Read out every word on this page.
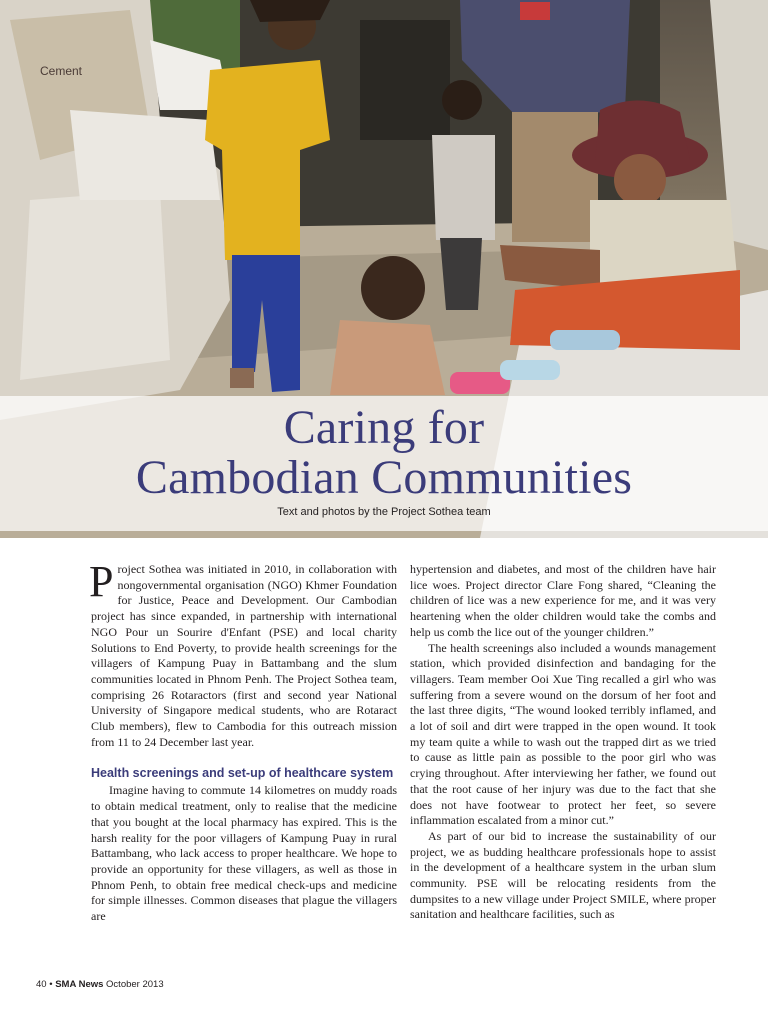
Cement
Caring for
Cambodian Communities
Text and photos by the Project Sothea team

Project Sothea was initiated in 2010, in collaboration with nongovernmental organisation (NGO) Khmer Foundation for Justice, Peace and Development. Our Cambodian project has since expanded, in partnership with international NGO Pour un Sourire d'Enfant (PSE) and local charity Solutions to End Poverty, to provide health screenings for the villagers of Kampung Puay in Battambang and the slum communities located in Phnom Penh. The Project Sothea team, comprising 26 Rotaractors (first and second year National University of Singapore medical students, who are Rotaract Club members), flew to Cambodia for this outreach mission from 11 to 24 December last year.

Health screenings and set-up of healthcare system

Imagine having to commute 14 kilometres on muddy roads to obtain medical treatment, only to realise that the medicine that you bought at the local pharmacy has expired. This is the harsh reality for the poor villagers of Kampung Puay in rural Battambang, who lack access to proper healthcare. We hope to provide an opportunity for these villagers, as well as those in Phnom Penh, to obtain free medical check-ups and medicine for simple illnesses. Common diseases that plague the villagers are

hypertension and diabetes, and most of the children have hair lice woes. Project director Clare Fong shared, “Cleaning the children of lice was a new experience for me, and it was very heartening when the older children would take the combs and help us comb the lice out of the younger children.”

The health screenings also included a wounds management station, which provided disinfection and bandaging for the villagers. Team member Ooi Xue Ting recalled a girl who was suffering from a severe wound on the dorsum of her foot and the last three digits, “The wound looked terribly inflamed, and a lot of soil and dirt were trapped in the open wound. It took my team quite a while to wash out the trapped dirt as we tried to cause as little pain as possible to the poor girl who was crying throughout. After interviewing her father, we found out that the root cause of her injury was due to the fact that she does not have footwear to protect her feet, so severe inflammation escalated from a minor cut.”

As part of our bid to increase the sustainability of our project, we as budding healthcare professionals hope to assist in the development of a healthcare system in the urban slum community. PSE will be relocating residents from the dumpsites to a new village under Project SMILE, where proper sanitation and healthcare facilities, such as

40 • SMA News October 2013
